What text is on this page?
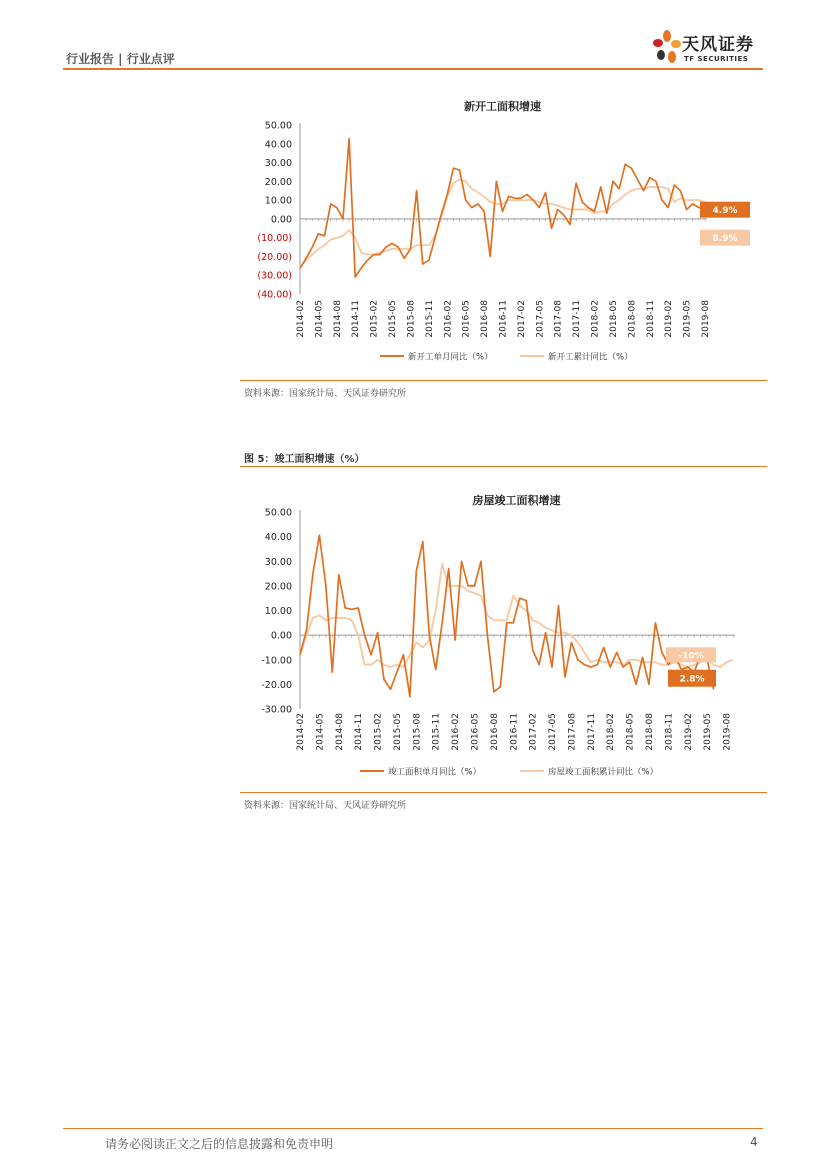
行业报告 | 行业点评
天风证券
TF SECURITIES
新开工面积增速
50.00
40.00
30.00
20.00
10.00
0.00
(10.00)
(20.00)
(30.00)
(40.00)
2014-02 2014-05 2014-08 2014-11 2015-02 2015-05 2015-08 2015-11 2016-02 2016-05 2016-08 2016-11 2017-02 2017-05 2017-08 2017-11 2018-02 2018-05 2018-08 2018-11 2019-02 2019-05 2019-08
4.9%
8.9%
新开工单月同比（%）	新开工累计同比（%）
资料来源：国家统计局、天风证券研究所
图 5：竣工面积增速（%）
房屋竣工面积增速
50.00
40.00
30.00
20.00
10.00
0.00
-10.00
-20.00
-30.00
2014-02 2014-05 2014-08 2014-11 2015-02 2015-05 2015-08 2015-11 2016-02 2016-05 2016-08 2016-11 2017-02 2017-05 2017-08 2017-11 2018-02 2018-05 2018-08 2018-11 2019-02 2019-05 2019-08
-10%
2.8%
竣工面积单月同比（%）	房屋竣工面积累计同比（%）
资料来源：国家统计局、天风证券研究所
请务必阅读正文之后的信息披露和免责申明	4
